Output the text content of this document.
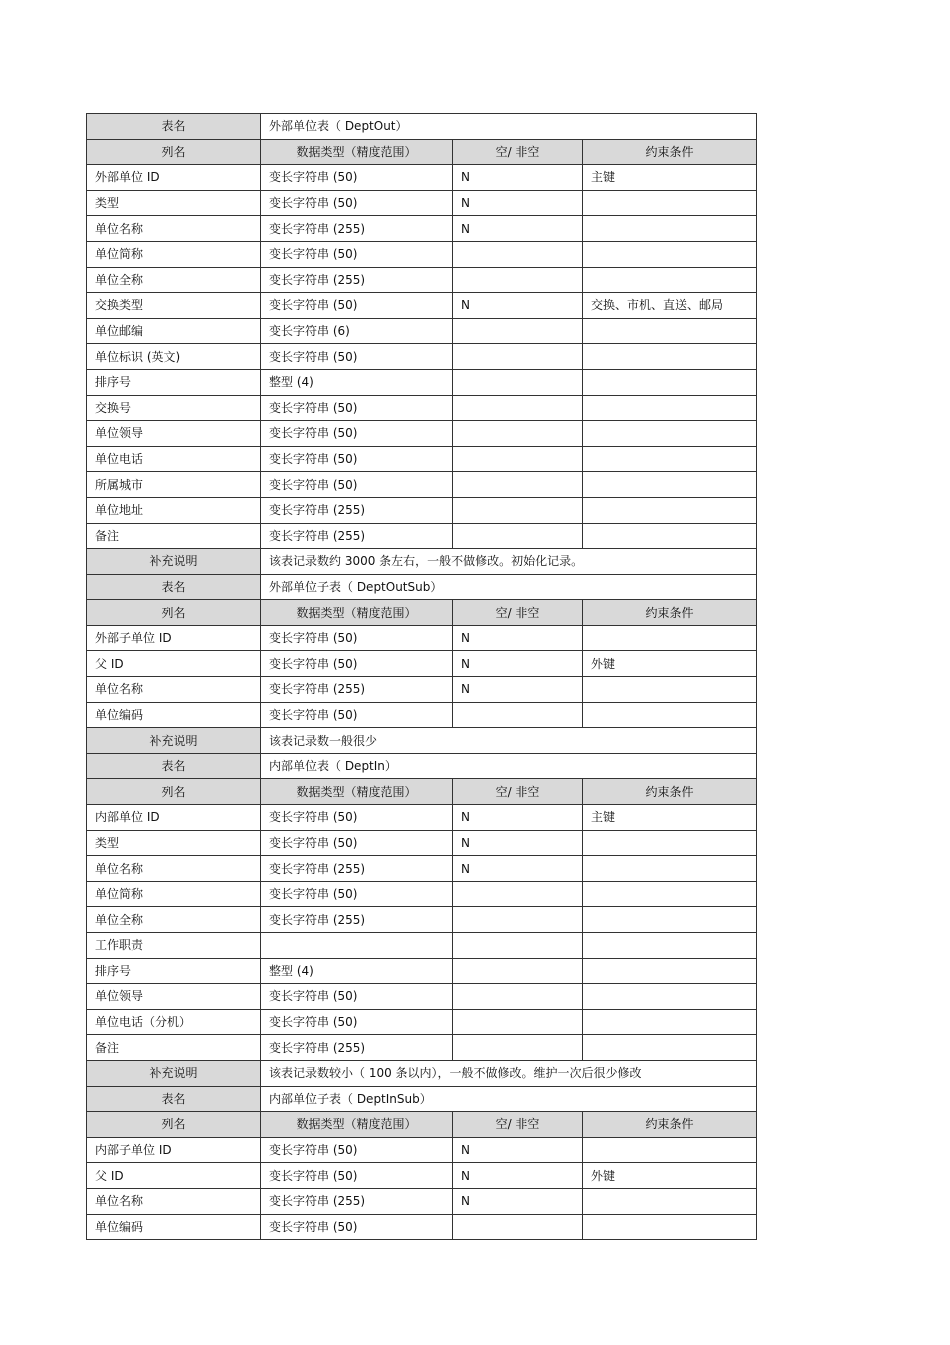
表名	外部单位表（ DeptOut）		
列名	数据类型（精度范围）	空/ 非空	约束条件
外部单位 ID	变长字符串 (50)	N	主键
类型	变长字符串 (50)	N	
单位名称	变长字符串 (255)	N	
单位简称	变长字符串 (50)		
单位全称	变长字符串 (255)		
交换类型	变长字符串 (50)	N	交换、市机、直送、邮局
单位邮编	变长字符串 (6)		
单位标识 (英文)	变长字符串 (50)		
排序号	整型 (4)		
交换号	变长字符串 (50)		
单位领导	变长字符串 (50)		
单位电话	变长字符串 (50)		
所属城市	变长字符串 (50)		
单位地址	变长字符串 (255)		
备注	变长字符串 (255)		
补充说明	该表记录数约 3000 条左右，一般不做修改。初始化记录。		
表名	外部单位子表（ DeptOutSub）		
列名	数据类型（精度范围）	空/ 非空	约束条件
外部子单位 ID	变长字符串 (50)	N	
父 ID	变长字符串 (50)	N	外键
单位名称	变长字符串 (255)	N	
单位编码	变长字符串 (50)		
补充说明	该表记录数一般很少		
表名	内部单位表（ DeptIn）		
列名	数据类型（精度范围）	空/ 非空	约束条件
内部单位 ID	变长字符串 (50)	N	主键
类型	变长字符串 (50)	N	
单位名称	变长字符串 (255)	N	
单位简称	变长字符串 (50)		
单位全称	变长字符串 (255)		
工作职责			
排序号	整型 (4)		
单位领导	变长字符串 (50)		
单位电话（分机）	变长字符串 (50)		
备注	变长字符串 (255)		
补充说明	该表记录数较小（ 100 条以内），一般不做修改。维护一次后很少修改		
表名	内部单位子表（ DeptInSub）		
列名	数据类型（精度范围）	空/ 非空	约束条件
内部子单位 ID	变长字符串 (50)	N	
父 ID	变长字符串 (50)	N	外键
单位名称	变长字符串 (255)	N	
单位编码	变长字符串 (50)		
